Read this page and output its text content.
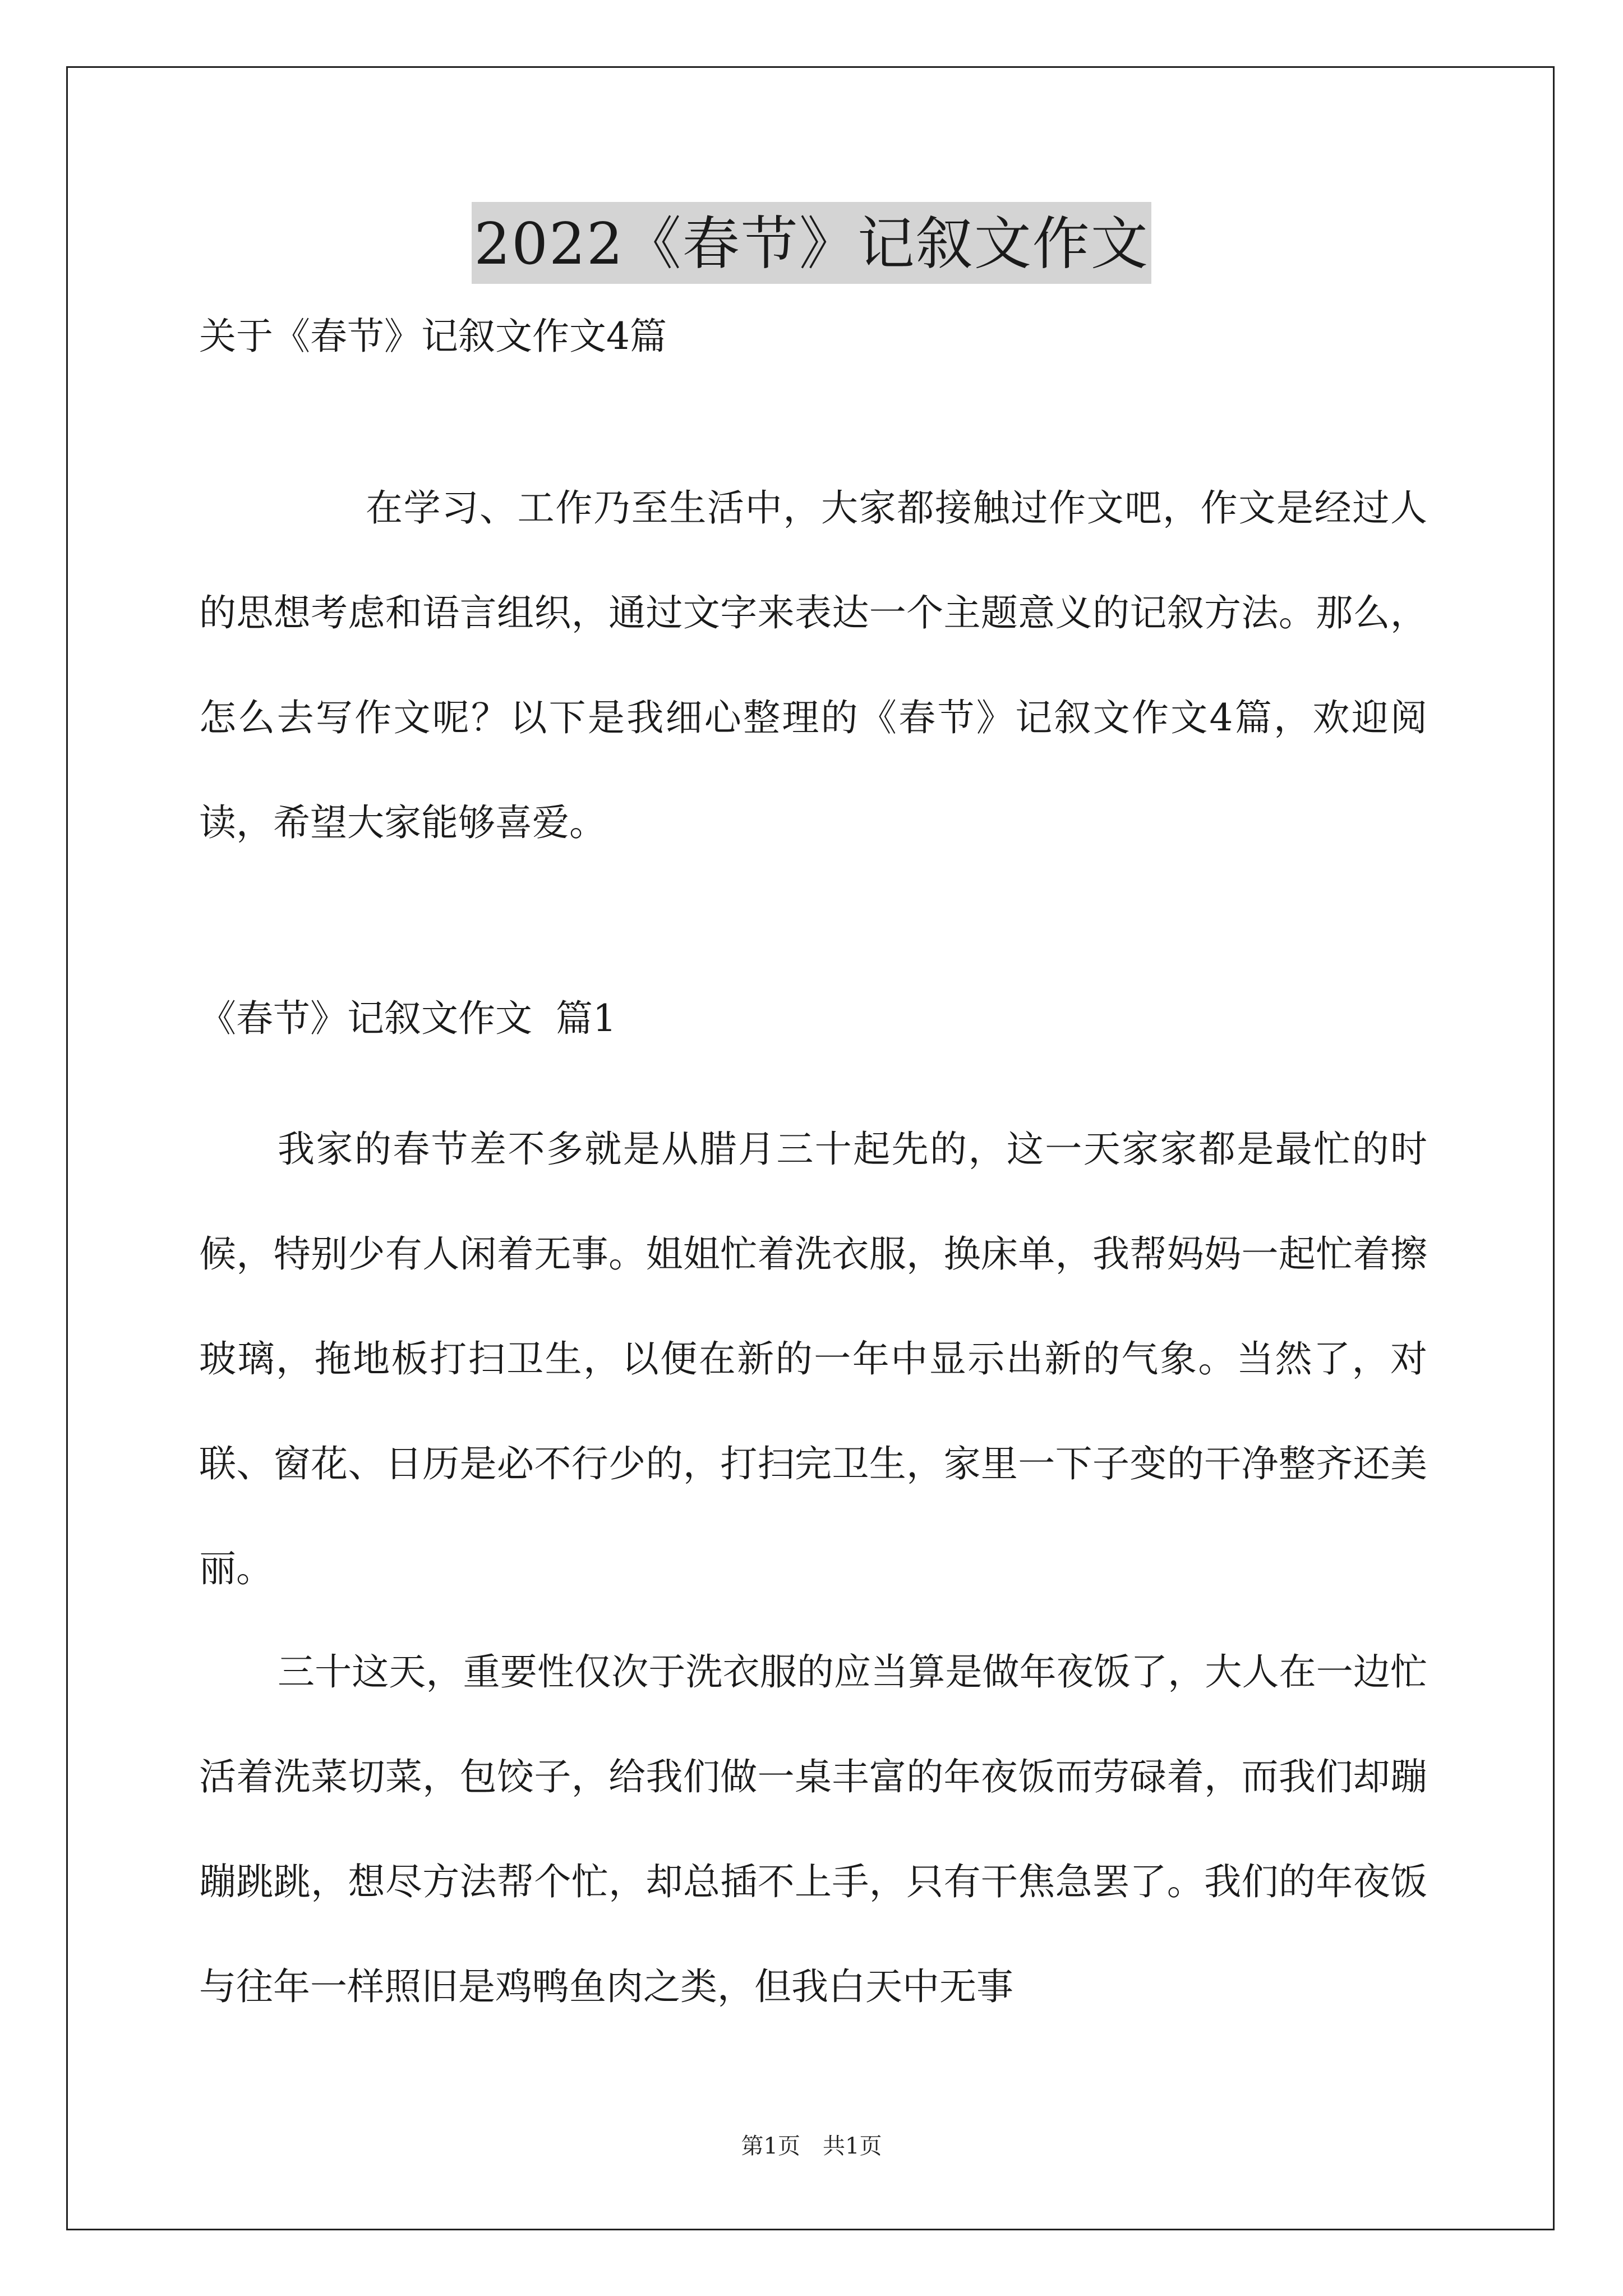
2022《春节》记叙文作文
关于《春节》记叙文作文4篇
在学习、工作乃至生活中，大家都接触过作文吧，作文是经过人的思想考虑和语言组织，通过文字来表达一个主题意义的记叙方法。那么，怎么去写作文呢？以下是我细心整理的《春节》记叙文作文4篇，欢迎阅读，希望大家能够喜爱。
《春节》记叙文作文  篇1
我家的春节差不多就是从腊月三十起先的，这一天家家都是最忙的时候，特别少有人闲着无事。姐姐忙着洗衣服，换床单，我帮妈妈一起忙着擦玻璃，拖地板打扫卫生，以便在新的一年中显示出新的气象。当然了，对联、窗花、日历是必不行少的，打扫完卫生，家里一下子变的干净整齐还美丽。
三十这天，重要性仅次于洗衣服的应当算是做年夜饭了，大人在一边忙活着洗菜切菜，包饺子，给我们做一桌丰富的年夜饭而劳碌着，而我们却蹦蹦跳跳，想尽方法帮个忙，却总插不上手，只有干焦急罢了。我们的年夜饭与往年一样照旧是鸡鸭鱼肉之类，但我白天中无事
第1页 共1页
